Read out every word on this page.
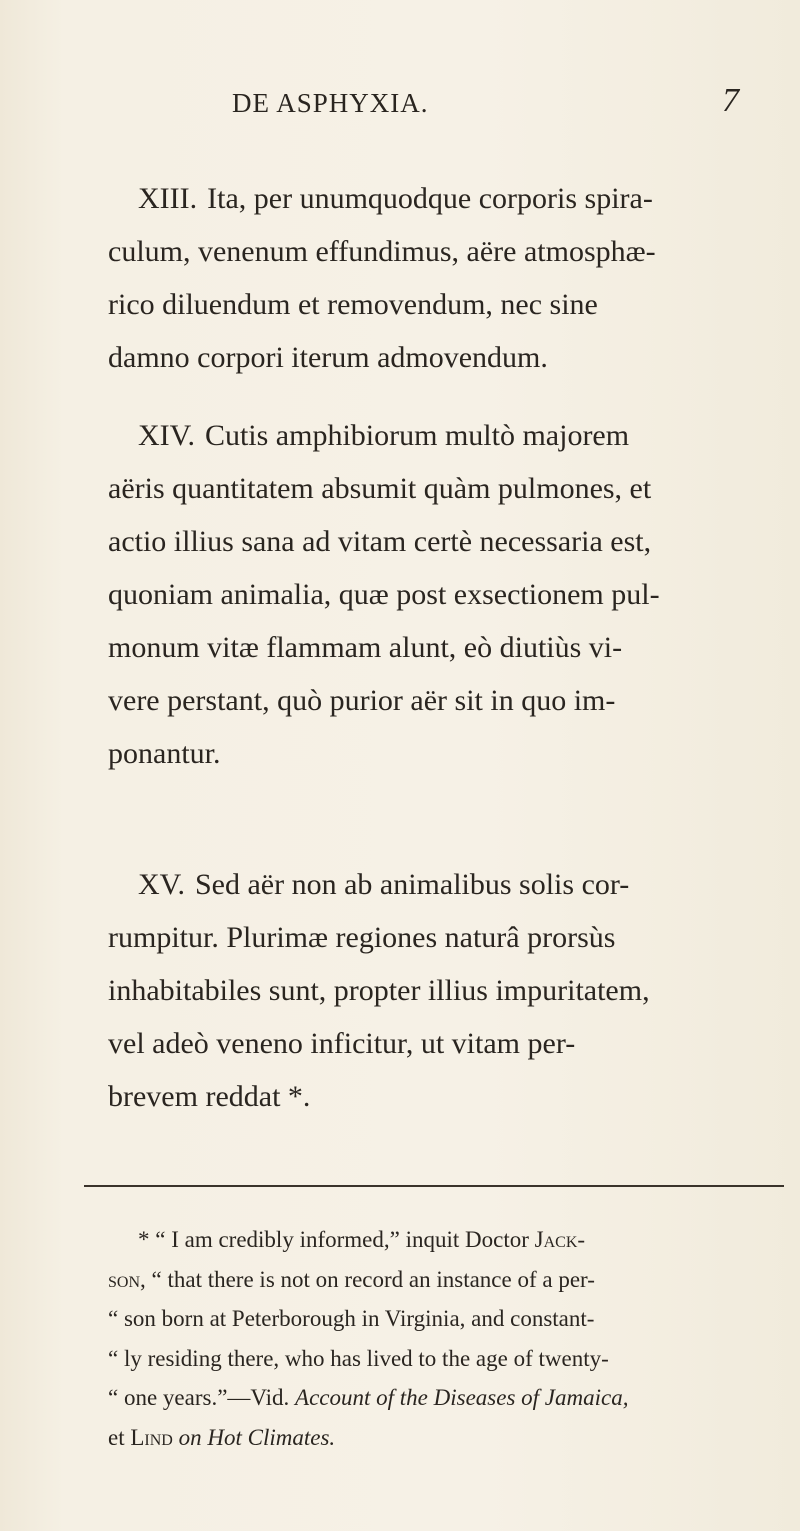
DE ASPHYXIA.	7
XIII. Ita, per unumquodque corporis spira-
culum, venenum effundimus, aëre atmosphæ-
rico diluendum et removendum, nec sine
damno corpori iterum admovendum.
XIV. Cutis amphibiorum multò majorem
aëris quantitatem absumit quàm pulmones, et
actio illius sana ad vitam certè necessaria est,
quoniam animalia, quæ post exsectionem pul-
monum vitæ flammam alunt, eò diutiùs vi-
vere perstant, quò purior aër sit in quo im-
ponantur.
XV. Sed aër non ab animalibus solis cor-
rumpitur. Plurimæ regiones naturâ prorsùs
inhabitabiles sunt, propter illius impuritatem,
vel adeò veneno inficitur, ut vitam per-
brevem reddat *.
* “ I am credibly informed,” inquit Doctor Jack-
son, “ that there is not on record an instance of a per-
“ son born at Peterborough in Virginia, and constant-
“ ly residing there, who has lived to the age of twenty-
“ one years.”—Vid. Account of the Diseases of Jamaica,
et Lind on Hot Climates.
